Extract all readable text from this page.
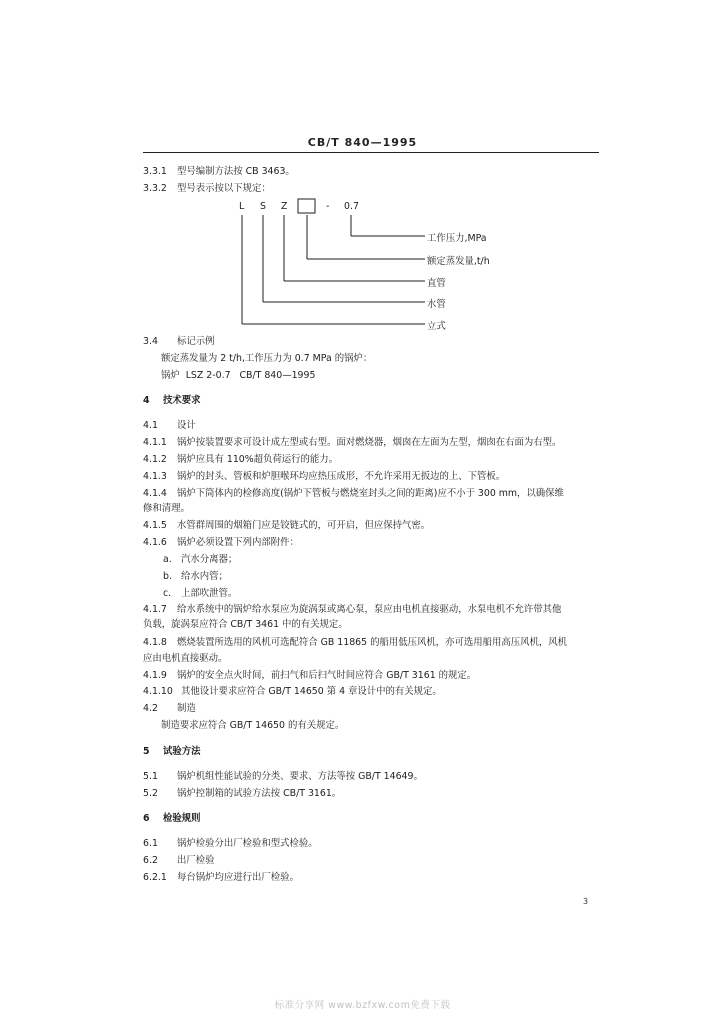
CB/T 840—1995
3.3.1 型号编制方法按 CB 3463。
3.3.2 型号表示按以下规定：
L S Z	- 0.7
工作压力,MPa
额定蒸发量,t/h
直管
水管
立式
3.4 标记示例
额定蒸发量为 2 t/h,工作压力为 0.7 MPa 的锅炉：
锅炉  LSZ 2-0.7   CB/T 840—1995
4 技术要求
4.1 设计
4.1.1 锅炉按装置要求可设计成左型或右型。面对燃烧器，烟囱在左面为左型，烟囱在右面为右型。
4.1.2 锅炉应具有 110%超负荷运行的能力。
4.1.3 锅炉的封头、管板和炉胆喉环均应热压成形，不允许采用无扳边的上、下管板。
4.1.4 锅炉下筒体内的检修高度(锅炉下管板与燃烧室封头之间的距离)应不小于 300 mm，以确保维
修和清理。
4.1.5 水管群周围的烟箱门应是铰链式的，可开启，但应保持气密。
4.1.6 锅炉必须设置下列内部附件：
a. 汽水分离器；
b. 给水内管；
c. 上部吹泄管。
4.1.7 给水系统中的锅炉给水泵应为旋涡泵或离心泵，泵应由电机直接驱动，水泵电机不允许带其他
负载，旋涡泵应符合 CB/T 3461 中的有关规定。
4.1.8 燃烧装置所选用的风机可选配符合 GB 11865 的船用低压风机，亦可选用船用高压风机，风机
应由电机直接驱动。
4.1.9 锅炉的安全点火时间，前扫气和后扫气时间应符合 GB/T 3161 的规定。
4.1.10 其他设计要求应符合 GB/T 14650 第 4 章设计中的有关规定。
4.2 制造
制造要求应符合 GB/T 14650 的有关规定。
5 试验方法
5.1 锅炉机组性能试验的分类、要求、方法等按 GB/T 14649。
5.2 锅炉控制箱的试验方法按 CB/T 3161。
6 检验规则
6.1 锅炉检验分出厂检验和型式检验。
6.2 出厂检验
6.2.1 每台锅炉均应进行出厂检验。
3
标准分享网 www.bzfxw.com免费下载
